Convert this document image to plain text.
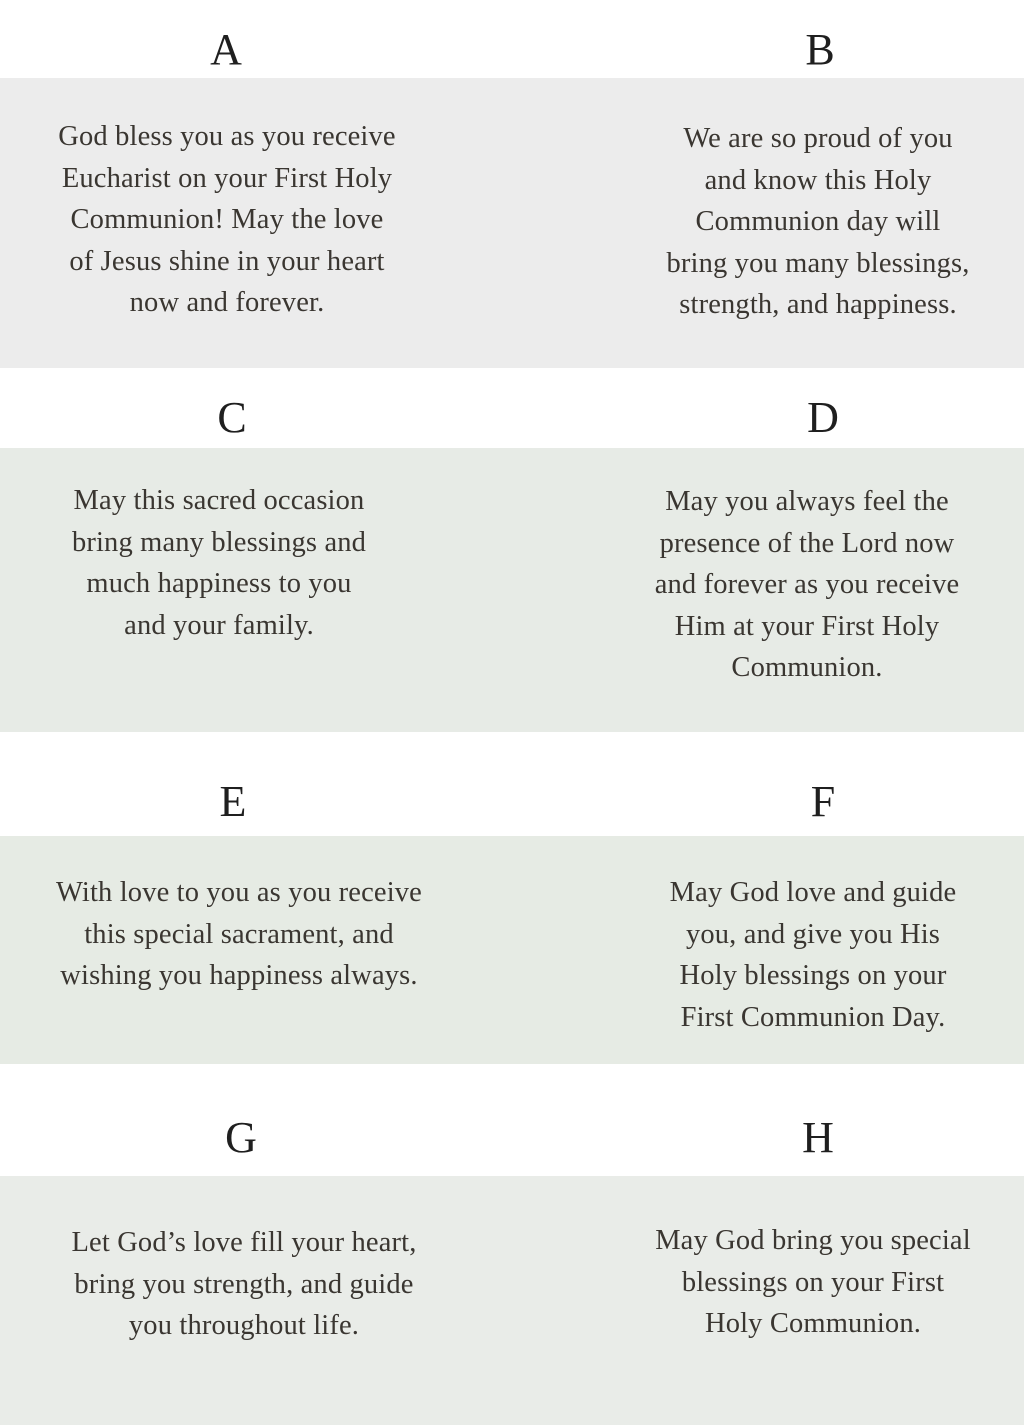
A	B
God bless you as you receive
Eucharist on your First Holy
Communion! May the love
of Jesus shine in your heart
now and forever.
We are so proud of you
and know this Holy
Communion day will
bring you many blessings,
strength, and happiness.
C	D
May this sacred occasion
bring many blessings and
much happiness to you
and your family.
May you always feel the
presence of the Lord now
and forever as you receive
Him at your First Holy
Communion.
E	F
With love to you as you receive
this special sacrament, and
wishing you happiness always.
May God love and guide
you, and give you His
Holy blessings on your
First Communion Day.
G	H
Let God’s love fill your heart,
bring you strength, and guide
you throughout life.
May God bring you special
blessings on your First
Holy Communion.
